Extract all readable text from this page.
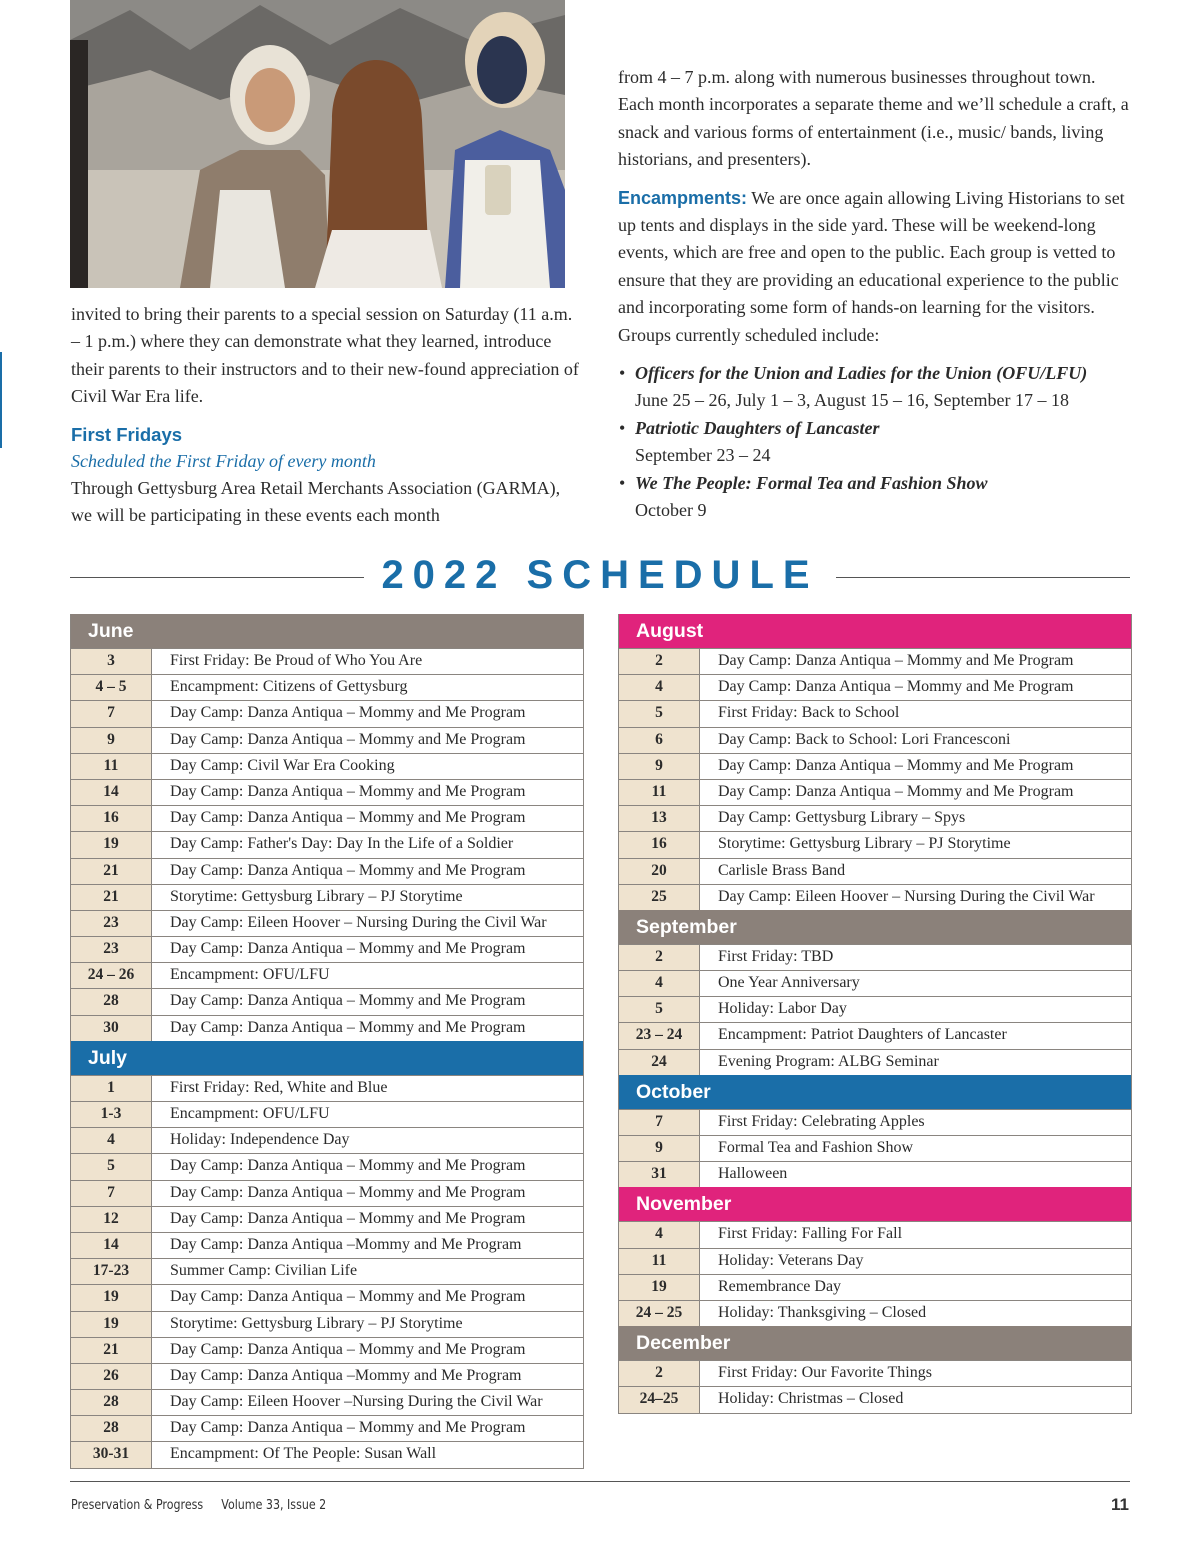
invited to bring their parents to a special session on Saturday (11 a.m. – 1 p.m.) where they can demonstrate what they learned, introduce their parents to their instructors and to their new-found appreciation of Civil War Era life.

First Fridays

Scheduled the First Friday of every month

Through Gettysburg Area Retail Merchants Association (GARMA), we will be participating in these events each month

from 4 – 7 p.m. along with numerous businesses throughout town. Each month incorporates a separate theme and we’ll schedule a craft, a snack and various forms of entertainment (i.e., music/ bands, living historians, and presenters).

Encampments: We are once again allowing Living Historians to set up tents and displays in the side yard. These will be weekend-long events, which are free and open to the public. Each group is vetted to ensure that they are providing an educational experience to the public and incorporating some form of hands-on learning for the visitors. Groups currently scheduled include:

• Officers for the Union and Ladies for the Union (OFU/LFU)
June 25 – 26, July 1 – 3, August 15 – 16, September 17 – 18
• Patriotic Daughters of Lancaster
September 23 – 24
• We The People: Formal Tea and Fashion Show
October 9
2022 SCHEDULE
June
3	First Friday: Be Proud of Who You Are
4 – 5	Encampment: Citizens of Gettysburg
7	Day Camp: Danza Antiqua – Mommy and Me Program
9	Day Camp: Danza Antiqua – Mommy and Me Program
11	Day Camp: Civil War Era Cooking
14	Day Camp: Danza Antiqua – Mommy and Me Program
16	Day Camp: Danza Antiqua – Mommy and Me Program
19	Day Camp: Father's Day: Day In the Life of a Soldier
21	Day Camp: Danza Antiqua – Mommy and Me Program
21	Storytime: Gettysburg Library – PJ Storytime
23	Day Camp: Eileen Hoover – Nursing During the Civil War
23	Day Camp: Danza Antiqua – Mommy and Me Program
24 – 26	Encampment: OFU/LFU
28	Day Camp: Danza Antiqua – Mommy and Me Program
30	Day Camp: Danza Antiqua – Mommy and Me Program
July
1	First Friday: Red, White and Blue
1-3	Encampment: OFU/LFU
4	Holiday: Independence Day
5	Day Camp: Danza Antiqua – Mommy and Me Program
7	Day Camp: Danza Antiqua – Mommy and Me Program
12	Day Camp: Danza Antiqua – Mommy and Me Program
14	Day Camp: Danza Antiqua –Mommy and Me Program
17-23	Summer Camp: Civilian Life
19	Day Camp: Danza Antiqua – Mommy and Me Program
19	Storytime: Gettysburg Library – PJ Storytime
21	Day Camp: Danza Antiqua – Mommy and Me Program
26	Day Camp: Danza Antiqua –Mommy and Me Program
28	Day Camp: Eileen Hoover –Nursing During the Civil War
28	Day Camp: Danza Antiqua – Mommy and Me Program
30-31	Encampment: Of The People: Susan Wall
August
2	Day Camp: Danza Antiqua – Mommy and Me Program
4	Day Camp: Danza Antiqua – Mommy and Me Program
5	First Friday: Back to School
6	Day Camp: Back to School: Lori Francesconi
9	Day Camp: Danza Antiqua – Mommy and Me Program
11	Day Camp: Danza Antiqua – Mommy and Me Program
13	Day Camp: Gettysburg Library – Spys
16	Storytime: Gettysburg Library – PJ Storytime
20	Carlisle Brass Band
25	Day Camp: Eileen Hoover – Nursing During the Civil War
September
2	First Friday: TBD
4	One Year Anniversary
5	Holiday: Labor Day
23 – 24	Encampment: Patriot Daughters of Lancaster
24	Evening Program: ALBG Seminar
October
7	First Friday: Celebrating Apples
9	Formal Tea and Fashion Show
31	Halloween
November
4	First Friday: Falling For Fall
11	Holiday: Veterans Day
19	Remembrance Day
24 – 25	Holiday: Thanksgiving – Closed
December
2	First Friday: Our Favorite Things
24–25	Holiday: Christmas – Closed
Preservation & Progress Volume 33, Issue 2	11
